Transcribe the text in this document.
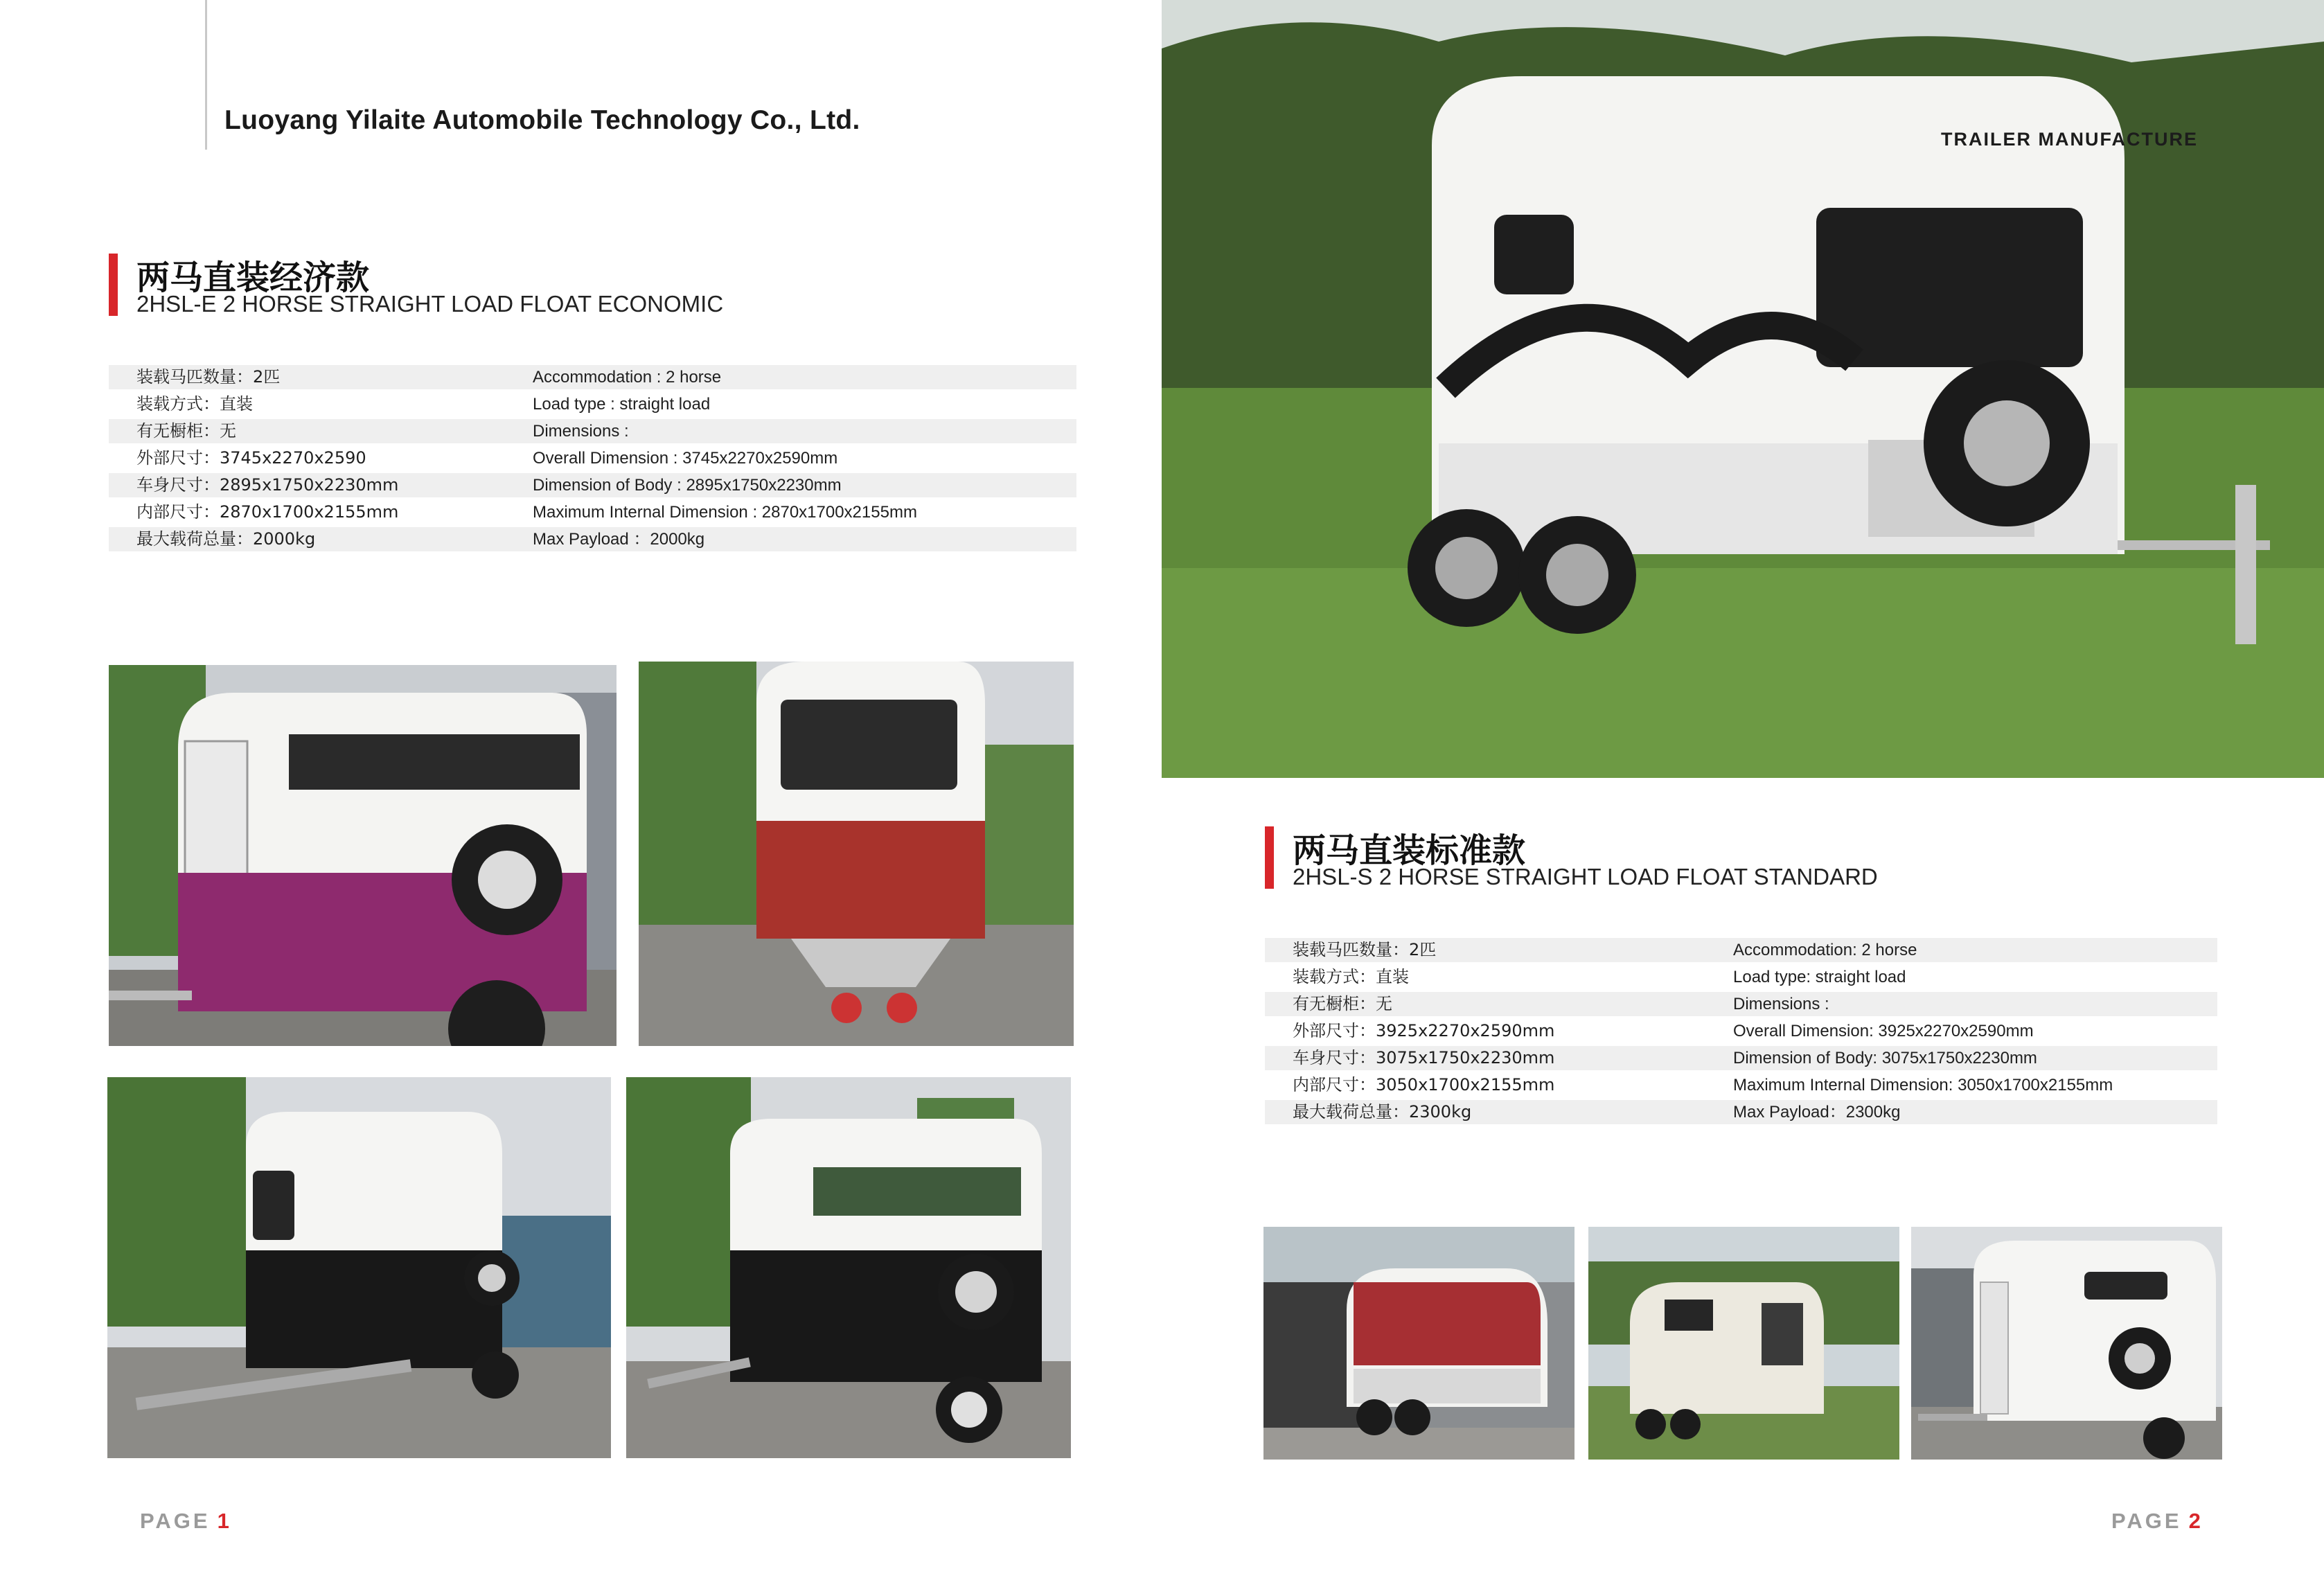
Luoyang Yilaite Automobile Technology Co., Ltd.
两马直装经济款
2HSL-E 2 HORSE STRAIGHT LOAD FLOAT ECONOMIC
装载马匹数量：2匹	Accommodation : 2 horse
装载方式：直装	Load type : straight load
有无橱柜：无	Dimensions :
外部尺寸：3745x2270x2590	Overall Dimension : 3745x2270x2590mm
车身尺寸：2895x1750x2230mm	Dimension of Body : 2895x1750x2230mm
内部尺寸：2870x1700x2155mm	Maximum Internal Dimension : 2870x1700x2155mm
最大载荷总量：2000kg	Max Payload ：2000kg
TRAILER MANUFACTURE
两马直装标准款
2HSL-S 2 HORSE STRAIGHT LOAD FLOAT STANDARD
装载马匹数量：2匹	Accommodation: 2 horse
装载方式：直装	Load type: straight load
有无橱柜：无	Dimensions :
外部尺寸：3925x2270x2590mm	Overall Dimension: 3925x2270x2590mm
车身尺寸：3075x1750x2230mm	Dimension of Body: 3075x1750x2230mm
内部尺寸：3050x1700x2155mm	Maximum Internal Dimension: 3050x1700x2155mm
最大载荷总量：2300kg	Max Payload：2300kg
PAGE 1	PAGE 2
